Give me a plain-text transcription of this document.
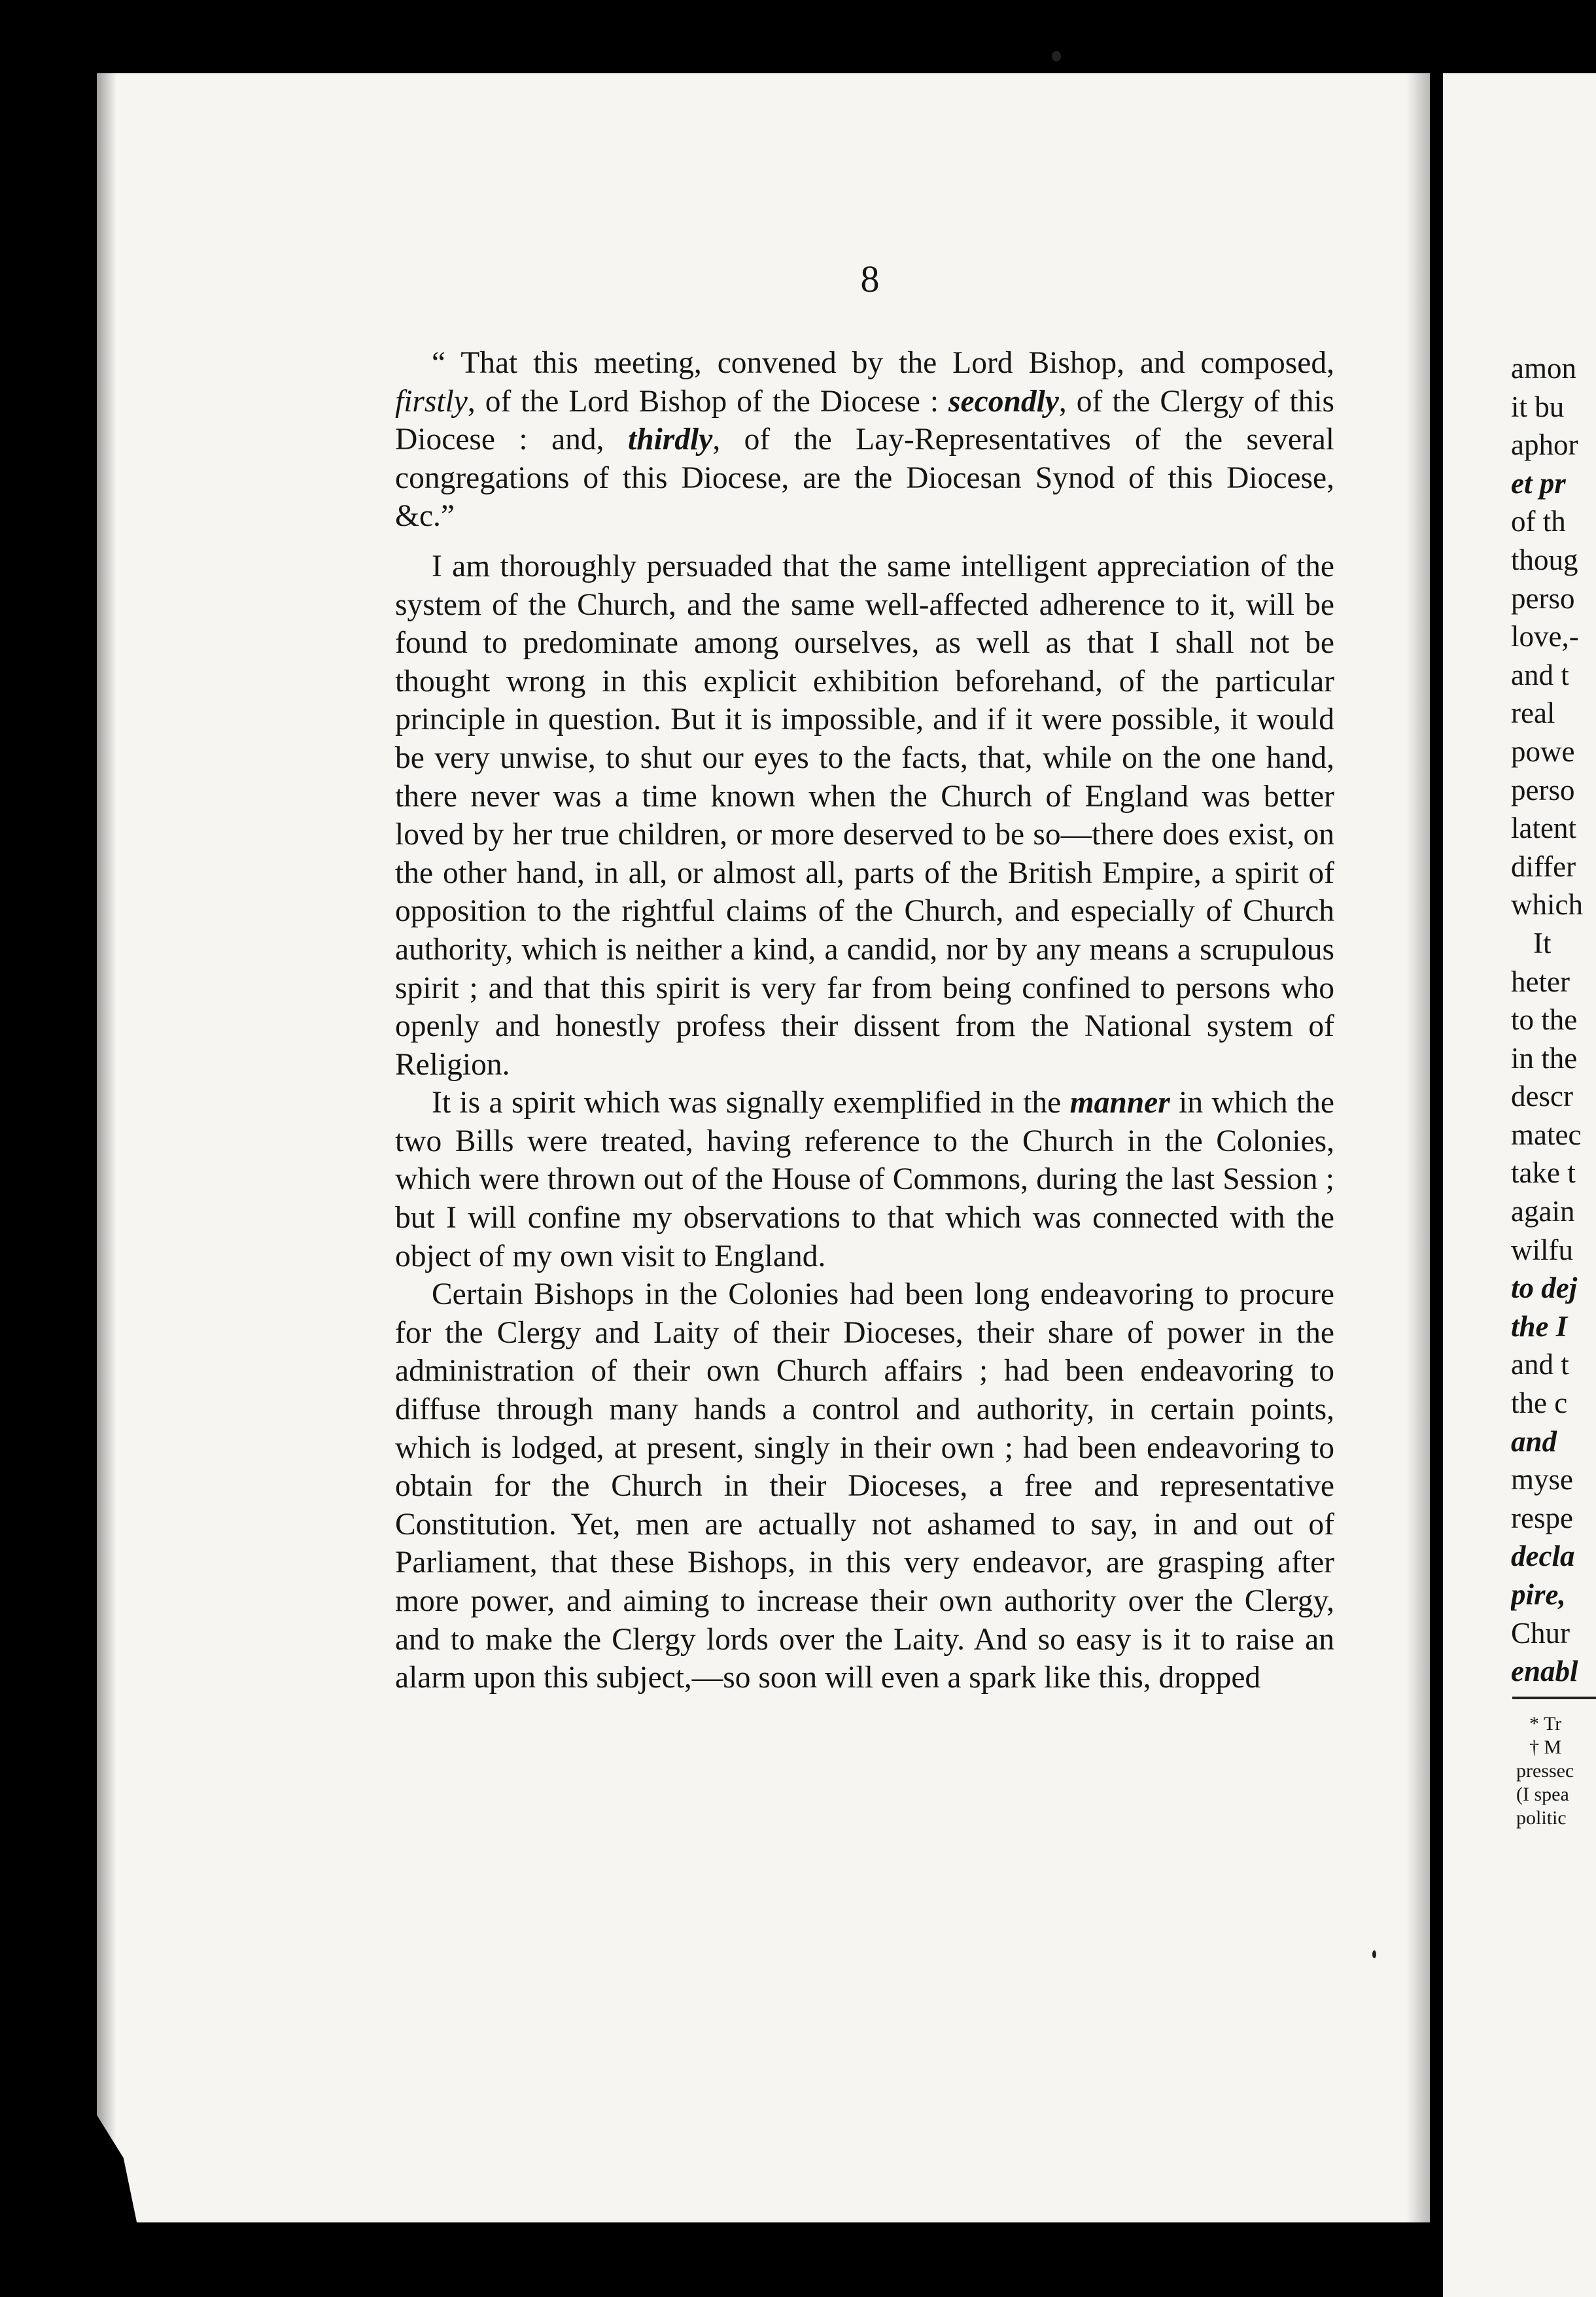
8

“ That this meeting, convened by the Lord Bishop, and composed, firstly, of the Lord Bishop of the Diocese : secondly, of the Clergy of this Diocese : and, thirdly, of the Lay-Representatives of the several congregations of this Diocese, are the Diocesan Synod of this Diocese, &c.”

I am thoroughly persuaded that the same intelligent appreciation of the system of the Church, and the same well-affected adherence to it, will be found to predominate among ourselves, as well as that I shall not be thought wrong in this explicit exhibition beforehand, of the particular principle in question. But it is impossible, and if it were possible, it would be very unwise, to shut our eyes to the facts, that, while on the one hand, there never was a time known when the Church of England was better loved by her true children, or more deserved to be so—there does exist, on the other hand, in all, or almost all, parts of the British Empire, a spirit of opposition to the rightful claims of the Church, and especially of Church authority, which is neither a kind, a candid, nor by any means a scrupulous spirit ; and that this spirit is very far from being confined to persons who openly and honestly profess their dissent from the National system of Religion.

It is a spirit which was signally exemplified in the manner in which the two Bills were treated, having reference to the Church in the Colonies, which were thrown out of the House of Commons, during the last Session ; but I will confine my observations to that which was connected with the object of my own visit to England.

Certain Bishops in the Colonies had been long endeavoring to procure for the Clergy and Laity of their Dioceses, their share of power in the administration of their own Church affairs ; had been endeavoring to diffuse through many hands a control and authority, in certain points, which is lodged, at present, singly in their own ; had been endeavoring to obtain for the Church in their Dioceses, a free and representative Constitution. Yet, men are actually not ashamed to say, in and out of Parliament, that these Bishops, in this very endeavor, are grasping after more power, and aiming to increase their own authority over the Clergy, and to make the Clergy lords over the Laity. And so easy is it to raise an alarm upon this subject,—so soon will even a spark like this, dropped

amon
it bu
aphor
et pr
of th
thoug
perso
love,-
and t
real
powe
perso
latent
differ
which
It
heter
to the
in the
descr
matec
take t
again
wilfu
to dej
the I
and t
the c
and
myse
respe
decla
pire,
Chur
enabl
* Tr
† M
pressec
(I spea
politic
